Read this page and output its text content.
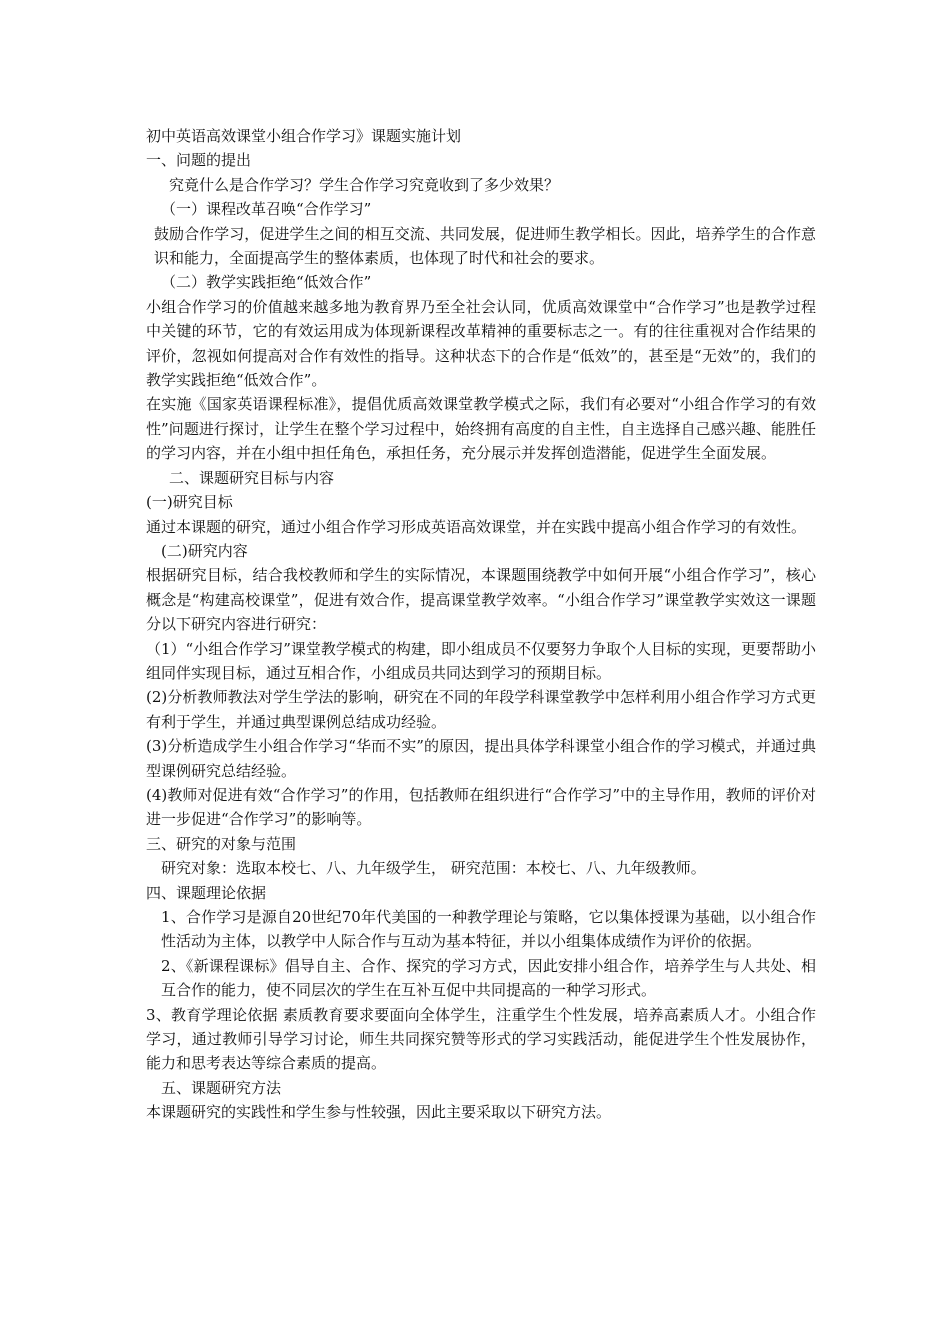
初中英语高效课堂小组合作学习》课题实施计划

一、问题的提出

究竟什么是合作学习？学生合作学习究竟收到了多少效果？

（一）课程改革召唤“合作学习”

鼓励合作学习，促进学生之间的相互交流、共同发展，促进师生教学相长。因此，培养学生的合作意识和能力，全面提高学生的整体素质，也体现了时代和社会的要求。

（二）教学实践拒绝“低效合作”

小组合作学习的价值越来越多地为教育界乃至全社会认同，优质高效课堂中“合作学习”也是教学过程中关键的环节，它的有效运用成为体现新课程改革精神的重要标志之一。有的往往重视对合作结果的评价，忽视如何提高对合作有效性的指导。这种状态下的合作是“低效”的，甚至是“无效”的，我们的教学实践拒绝“低效合作”。

在实施《国家英语课程标准》，提倡优质高效课堂教学模式之际，我们有必要对“小组合作学习的有效性”问题进行探讨，让学生在整个学习过程中，始终拥有高度的自主性，自主选择自己感兴趣、能胜任的学习内容，并在小组中担任角色，承担任务，充分展示并发挥创造潜能，促进学生全面发展。

二、课题研究目标与内容

(一)研究目标

通过本课题的研究，通过小组合作学习形成英语高效课堂，并在实践中提高小组合作学习的有效性。

(二)研究内容

根据研究目标，结合我校教师和学生的实际情况，本课题围绕教学中如何开展“小组合作学习”，核心概念是“构建高校课堂”，促进有效合作，提高课堂教学效率。“小组合作学习”课堂教学实效这一课题分以下研究内容进行研究：

（1）“小组合作学习”课堂教学模式的构建，即小组成员不仅要努力争取个人目标的实现，更要帮助小组同伴实现目标，通过互相合作，小组成员共同达到学习的预期目标。

(2)分析教师教法对学生学法的影响，研究在不同的年段学科课堂教学中怎样利用小组合作学习方式更有利于学生，并通过典型课例总结成功经验。

(3)分析造成学生小组合作学习“华而不实”的原因，提出具体学科课堂小组合作的学习模式，并通过典型课例研究总结经验。

(4)教师对促进有效“合作学习”的作用，包括教师在组织进行“合作学习”中的主导作用，教师的评价对进一步促进“合作学习”的影响等。

三、研究的对象与范围

研究对象：选取本校七、八、九年级学生， 研究范围：本校七、八、九年级教师。

四、课题理论依据

1、合作学习是源自20世纪70年代美国的一种教学理论与策略，它以集体授课为基础，以小组合作性活动为主体，以教学中人际合作与互动为基本特征，并以小组集体成绩作为评价的依据。

2、《新课程课标》倡导自主、合作、探究的学习方式，因此安排小组合作，培养学生与人共处、相互合作的能力，使不同层次的学生在互补互促中共同提高的一种学习形式。

3、教育学理论依据 素质教育要求要面向全体学生，注重学生个性发展，培养高素质人才。小组合作学习，通过教师引导学习讨论，师生共同探究赞等形式的学习实践活动，能促进学生个性发展协作，能力和思考表达等综合素质的提高。

五、课题研究方法

本课题研究的实践性和学生参与性较强，因此主要采取以下研究方法。
